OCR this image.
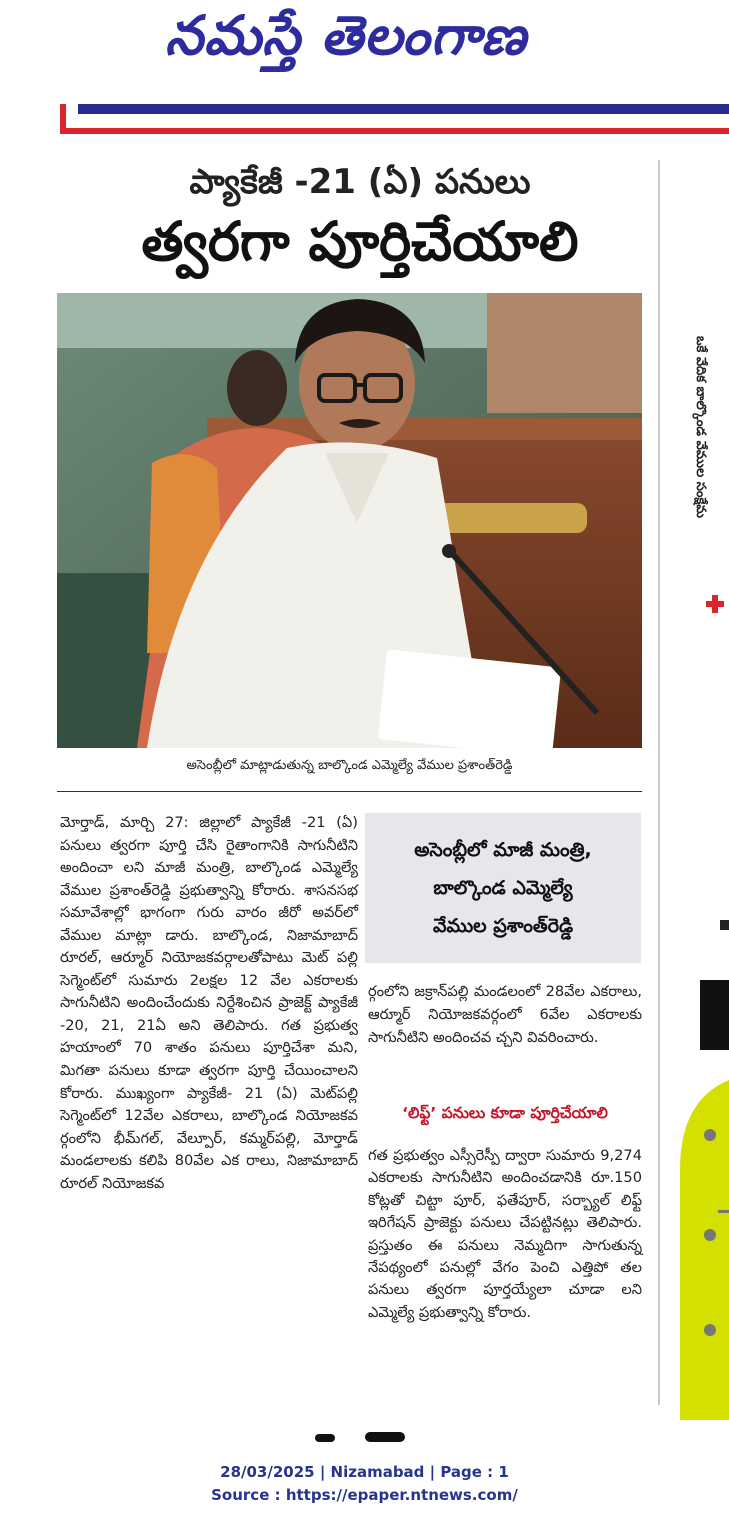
నమస్తే తెలంగాణ
ప్యాకేజీ -21 (ఏ) పనులు
త్వరగా పూర్తిచేయాలి
అసెంబ్లీలో మాట్లాడుతున్న బాల్కొండ ఎమ్మెల్యే వేముల ప్రశాంత్‌రెడ్డి
మోర్తాడ్, మార్చి 27: జిల్లాలో ప్యాకేజీ -21 (ఏ) పనులు త్వరగా పూర్తి చేసి రైతాంగానికి సాగునీటిని అందించా లని మాజీ మంత్రి, బాల్కొండ ఎమ్మెల్యే వేముల ప్రశాంత్‌రెడ్డి ప్రభుత్వాన్ని కోరారు. శాసనసభ సమావేశాల్లో భాగంగా గురు వారం జీరో అవర్‌లో వేముల మాట్లా డారు. బాల్కొండ, నిజామాబాద్ రూరల్, ఆర్మూర్ నియోజకవర్గాలతోపాటు మెట్ పల్లి సెగ్మెంట్‌లో సుమారు 2లక్షల 12 వేల ఎకరాలకు సాగునీటిని అందించేందుకు నిర్దేశించిన ప్రాజెక్ట్ ప్యాకేజీ -20, 21, 21ఏ అని తెలిపారు. గత ప్రభుత్వ హయాంలో 70 శాతం పనులు పూర్తిచేశా మని, మిగతా పనులు కూడా త్వరగా పూర్తి చేయించాలని కోరారు. ముఖ్యంగా ప్యాకేజీ- 21 (ఏ) మెట్‌పల్లి సెగ్మెంట్‌లో 12వేల ఎకరాలు, బాల్కొండ నియోజకవ ర్గంలోని భీమ్‌గల్, వేల్పూర్, కమ్మర్‌పల్లి, మోర్తాడ్ మండలాలకు కలిపి 80వేల ఎక రాలు, నిజామాబాద్ రూరల్ నియోజకవ
అసెంబ్లీలో మాజీ మంత్రి,
బాల్కొండ ఎమ్మెల్యే
వేముల ప్రశాంత్‌రెడ్డి
ర్గంలోని జక్రాన్‌పల్లి మండలంలో 28వేల ఎకరాలు, ఆర్మూర్ నియోజకవర్గంలో 6వేల ఎకరాలకు సాగునీటిని అందించవ చ్చని వివరించారు.
‘లిఫ్ట్’ పనులు కూడా పూర్తిచేయాలి
గత ప్రభుత్వం ఎస్సీరెస్పీ ద్వారా సుమారు 9,274 ఎకరాలకు సాగునీటిని అందించడానికి రూ.150 కోట్లతో చిట్టా పూర్, ఫతేపూర్, సర్బ్యాల్ లిఫ్ట్ ఇరిగేషన్ ప్రాజెక్టు పనులు చేపట్టినట్లు తెలిపారు. ప్రస్తుతం ఈ పనులు నెమ్మదిగా సాగుతున్న నేపథ్యంలో పనుల్లో వేగం పెంచి ఎత్తిపో తల పనులు త్వరగా పూర్తయ్యేలా చూడా లని ఎమ్మెల్యే ప్రభుత్వాన్ని కోరారు.
ఒకే వేదిక బాల్కొండ వేముల సంక్షేమ
28/03/2025 | Nizamabad | Page : 1
Source : https://epaper.ntnews.com/
